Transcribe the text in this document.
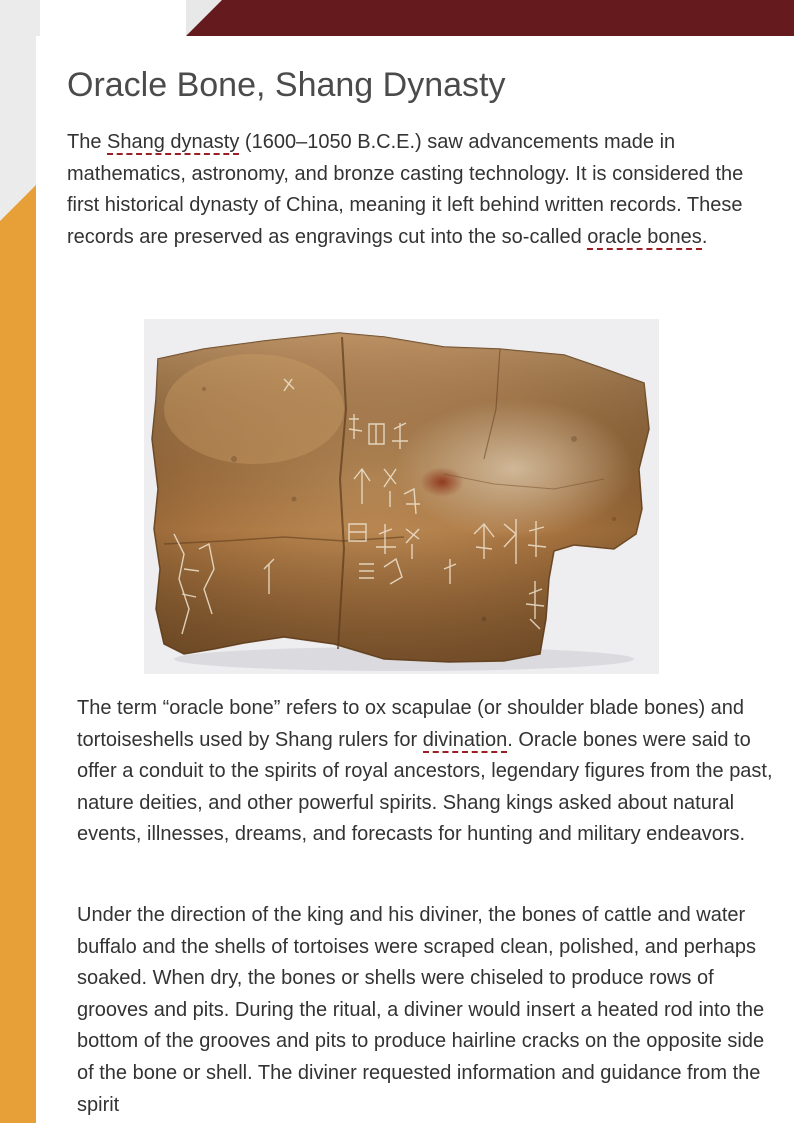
Oracle Bone, Shang Dynasty

The Shang dynasty (1600–1050 B.C.E.) saw advancements made in mathematics, astronomy, and bronze casting technology. It is considered the first historical dynasty of China, meaning it left behind written records. These records are preserved as engravings cut into the so-called oracle bones.

The term “oracle bone” refers to ox scapulae (or shoulder blade bones) and tortoiseshells used by Shang rulers for divination. Oracle bones were said to offer a conduit to the spirits of royal ancestors, legendary figures from the past, nature deities, and other powerful spirits. Shang kings asked about natural events, illnesses, dreams, and forecasts for hunting and military endeavors.

Under the direction of the king and his diviner, the bones of cattle and water buffalo and the shells of tortoises were scraped clean, polished, and perhaps soaked. When dry, the bones or shells were chiseled to produce rows of grooves and pits. During the ritual, a diviner would insert a heated rod into the bottom of the grooves and pits to produce hairline cracks on the opposite side of the bone or shell. The diviner requested information and guidance from the spirit
